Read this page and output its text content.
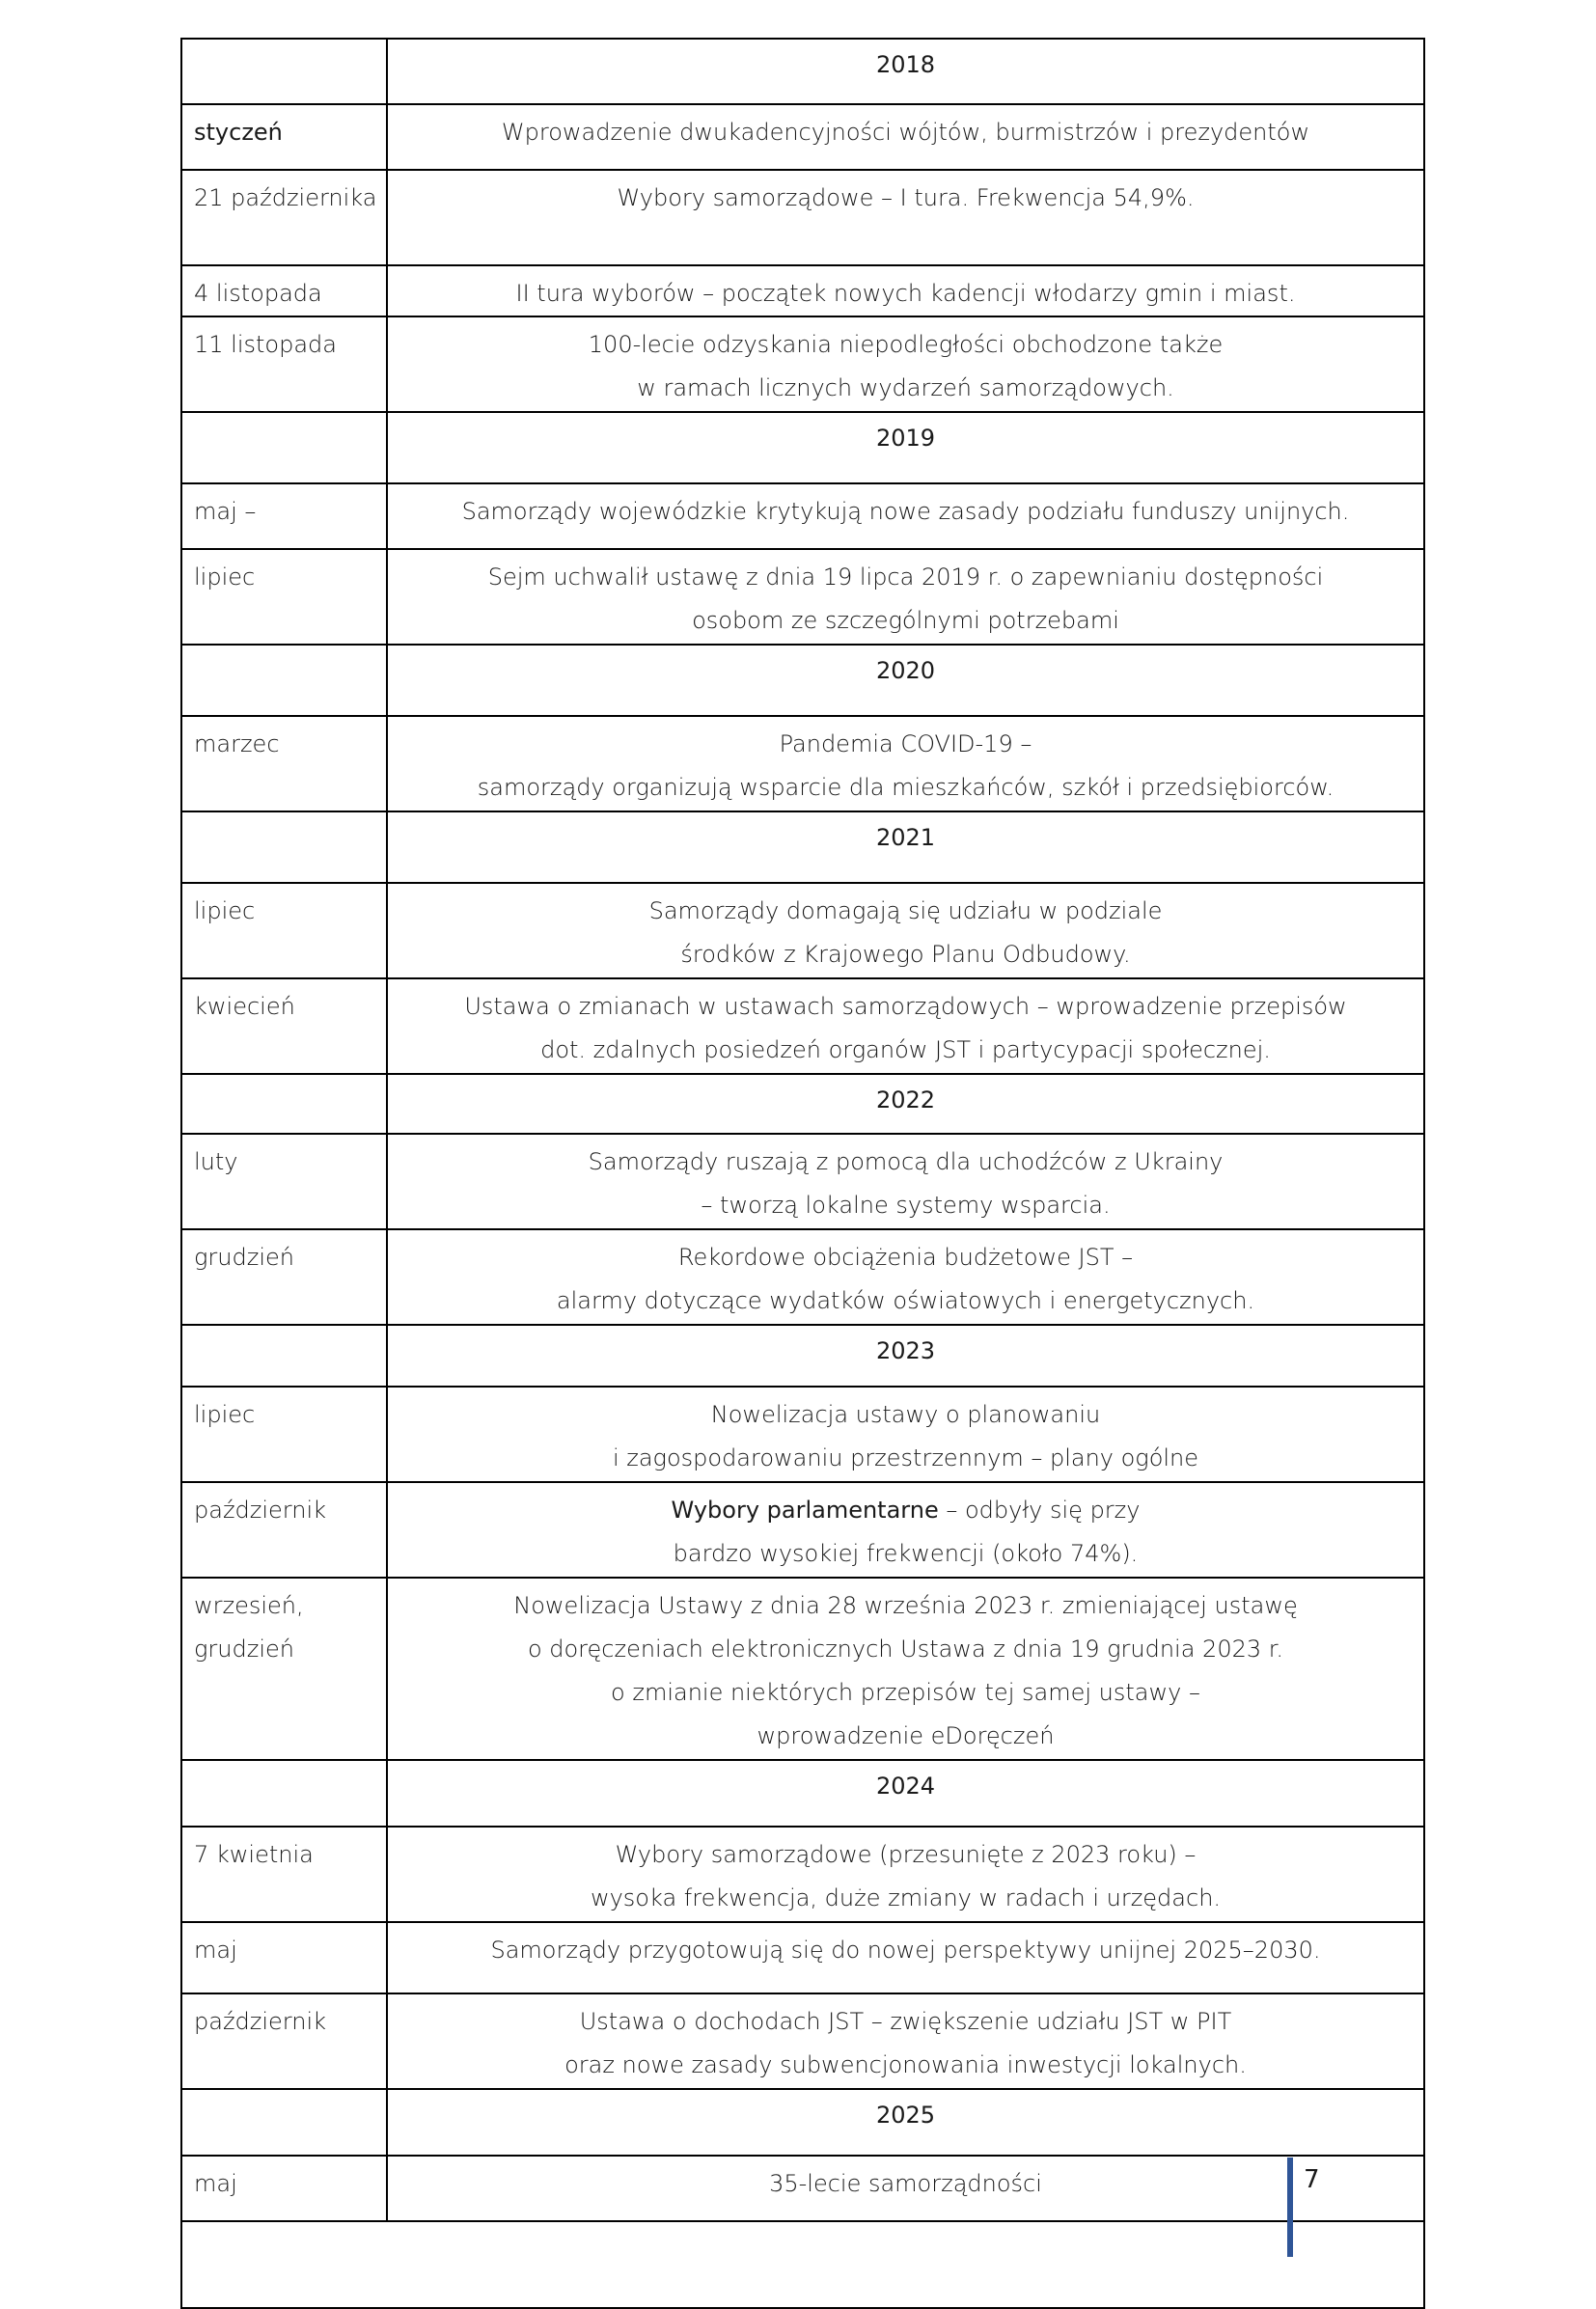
	2018

styczeń	Wprowadzenie dwukadencyjności wójtów, burmistrzów i prezydentów

21 października	Wybory samorządowe – I tura. Frekwencja 54,9%.

4 listopada	II tura wyborów – początek nowych kadencji włodarzy gmin i miast.

11 listopada	100-lecie odzyskania niepodległości obchodzone także
w ramach licznych wydarzeń samorządowych.

	2019

maj –	Samorządy wojewódzkie krytykują nowe zasady podziału funduszy unijnych.

lipiec	Sejm uchwalił ustawę z dnia 19 lipca 2019 r. o zapewnianiu dostępności
osobom ze szczególnymi potrzebami

	2020

marzec	Pandemia COVID-19 –
samorządy organizują wsparcie dla mieszkańców, szkół i przedsiębiorców.

	2021

lipiec	Samorządy domagają się udziału w podziale
środków z Krajowego Planu Odbudowy.

kwiecień	Ustawa o zmianach w ustawach samorządowych – wprowadzenie przepisów
dot. zdalnych posiedzeń organów JST i partycypacji społecznej.

	2022

luty	Samorządy ruszają z pomocą dla uchodźców z Ukrainy
– tworzą lokalne systemy wsparcia.

grudzień	Rekordowe obciążenia budżetowe JST –
alarmy dotyczące wydatków oświatowych i energetycznych.

	2023

lipiec	Nowelizacja ustawy o planowaniu
i zagospodarowaniu przestrzennym – plany ogólne

październik	Wybory parlamentarne – odbyły się przy
bardzo wysokiej frekwencji (około 74%).

wrzesień,
grudzień	Nowelizacja Ustawy z dnia 28 września 2023 r. zmieniającej ustawę
o doręczeniach elektronicznych Ustawa z dnia 19 grudnia 2023 r.
o zmianie niektórych przepisów tej samej ustawy –
wprowadzenie eDoręczeń

	2024

7 kwietnia	Wybory samorządowe (przesunięte z 2023 roku) –
wysoka frekwencja, duże zmiany w radach i urzędach.

maj	Samorządy przygotowują się do nowej perspektywy unijnej 2025–2030.

październik	Ustawa o dochodach JST – zwiększenie udziału JST w PIT
oraz nowe zasady subwencjonowania inwestycji lokalnych.

	2025

maj	35-lecie samorządności	7
